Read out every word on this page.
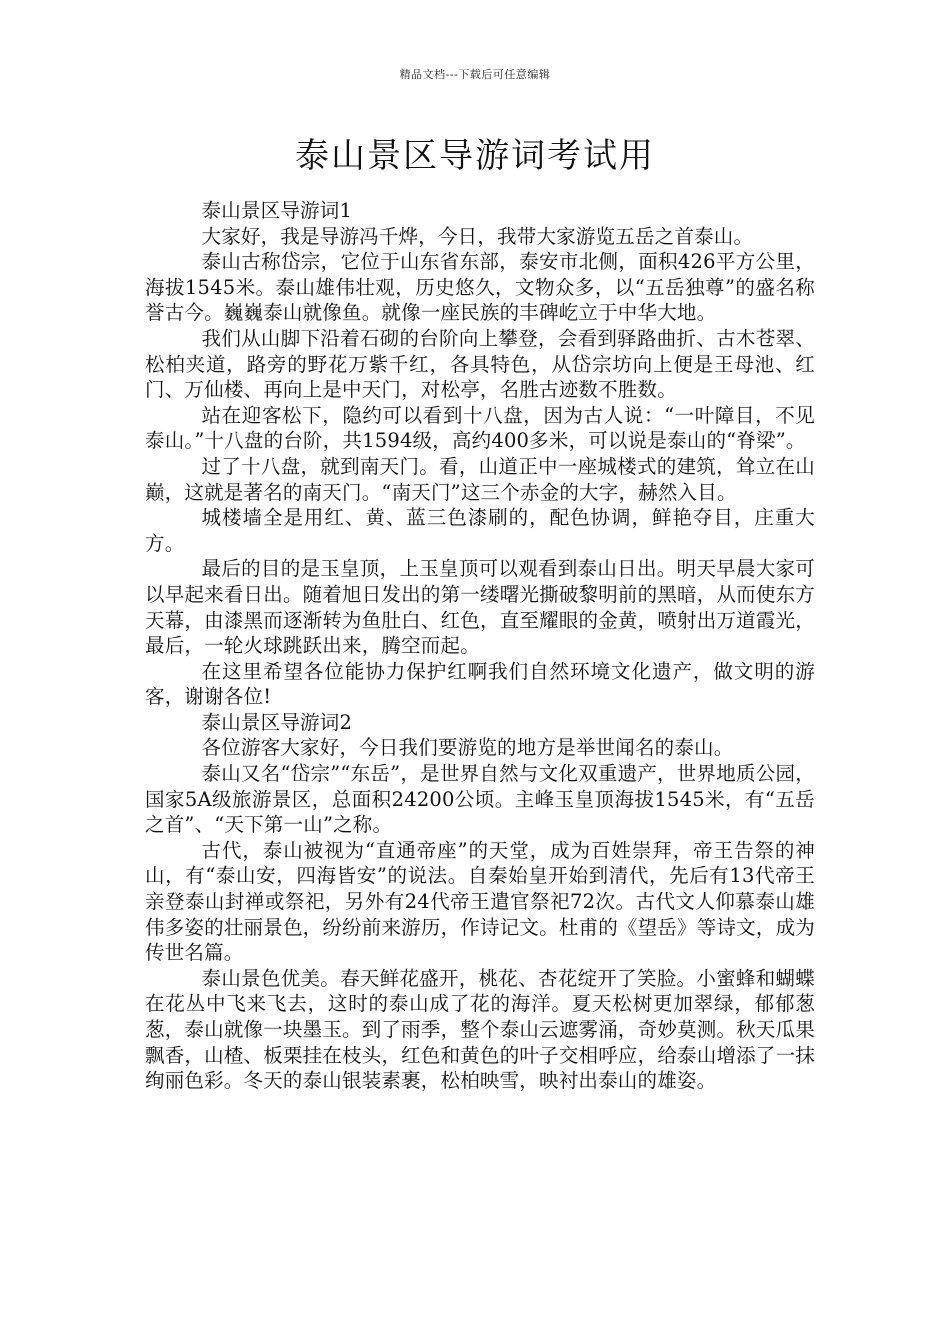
精品文档---下载后可任意编辑
泰山景区导游词考试用

泰山景区导游词1

大家好，我是导游冯千烨，今日，我带大家游览五岳之首泰山。

泰山古称岱宗，它位于山东省东部，泰安市北侧，面积426平方公里，海拔1545米。泰山雄伟壮观，历史悠久，文物众多，以“五岳独尊”的盛名称誉古今。巍巍泰山就像鱼。就像一座民族的丰碑屹立于中华大地。

我们从山脚下沿着石砌的台阶向上攀登，会看到驿路曲折、古木苍翠、松柏夹道，路旁的野花万紫千红，各具特色，从岱宗坊向上便是王母池、红门、万仙楼、再向上是中天门，对松亭，名胜古迹数不胜数。

站在迎客松下，隐约可以看到十八盘，因为古人说：“一叶障目，不见泰山。”十八盘的台阶，共1594级，高约400多米，可以说是泰山的“脊梁”。

过了十八盘，就到南天门。看，山道正中一座城楼式的建筑，耸立在山巅，这就是著名的南天门。“南天门”这三个赤金的大字，赫然入目。

城楼墙全是用红、黄、蓝三色漆刷的，配色协调，鲜艳夺目，庄重大方。

最后的目的是玉皇顶，上玉皇顶可以观看到泰山日出。明天早晨大家可以早起来看日出。随着旭日发出的第一缕曙光撕破黎明前的黑暗，从而使东方天幕，由漆黑而逐渐转为鱼肚白、红色，直至耀眼的金黄，喷射出万道霞光，最后，一轮火球跳跃出来，腾空而起。

在这里希望各位能协力保护红啊我们自然环境文化遗产，做文明的游客，谢谢各位!

泰山景区导游词2

各位游客大家好，今日我们要游览的地方是举世闻名的泰山。

泰山又名“岱宗”“东岳”，是世界自然与文化双重遗产，世界地质公园，国家5A级旅游景区，总面积24200公顷。主峰玉皇顶海拔1545米，有“五岳之首”、“天下第一山”之称。

古代，泰山被视为“直通帝座”的天堂，成为百姓崇拜，帝王告祭的神山，有“泰山安，四海皆安”的说法。自秦始皇开始到清代，先后有13代帝王亲登泰山封禅或祭祀，另外有24代帝王遣官祭祀72次。古代文人仰慕泰山雄伟多姿的壮丽景色，纷纷前来游历，作诗记文。杜甫的《望岳》等诗文，成为传世名篇。

泰山景色优美。春天鲜花盛开，桃花、杏花绽开了笑脸。小蜜蜂和蝴蝶在花丛中飞来飞去，这时的泰山成了花的海洋。夏天松树更加翠绿，郁郁葱葱，泰山就像一块墨玉。到了雨季，整个泰山云遮雾涌，奇妙莫测。秋天瓜果飘香，山楂、板栗挂在枝头，红色和黄色的叶子交相呼应，给泰山增添了一抹绚丽色彩。冬天的泰山银装素裹，松柏映雪，映衬出泰山的雄姿。
